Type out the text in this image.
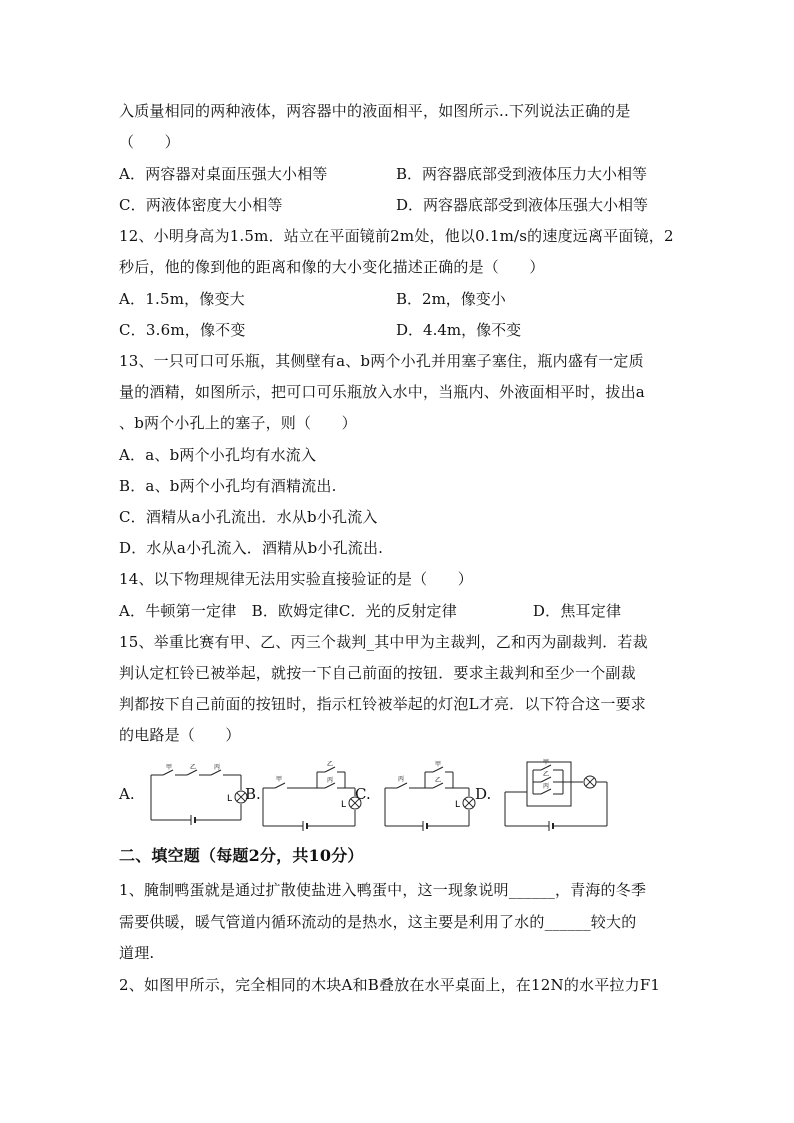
入质量相同的两种液体，两容器中的液面相平，如图所示..下列说法正确的是
（　　）
A．两容器对桌面压强大小相等	B．两容器底部受到液体压力大小相等
C．两液体密度大小相等	D．两容器底部受到液体压强大小相等
12、小明身高为1.5m．站立在平面镜前2m处，他以0.1m/s的速度远离平面镜，2
秒后，他的像到他的距离和像的大小变化描述正确的是（　　）
A．1.5m，像变大	B．2m，像变小
C．3.6m，像不变	D．4.4m，像不变
13、一只可口可乐瓶，其侧壁有a、b两个小孔并用塞子塞住，瓶内盛有一定质
量的酒精，如图所示，把可口可乐瓶放入水中，当瓶内、外液面相平时，拔出a
、b两个小孔上的塞子，则（　　）
A．a、b两个小孔均有水流入
B．a、b两个小孔均有酒精流出.
C．酒精从a小孔流出．水从b小孔流入
D．水从a小孔流入．酒精从b小孔流出.
14、以下物理规律无法用实验直接验证的是（　　）
A．牛顿第一定律　B．欧姆定律C．光的反射定律　　　　　D．焦耳定律
15、举重比赛有甲、乙、丙三个裁判_其中甲为主裁判，乙和丙为副裁判．若裁
判认定杠铃已被举起，就按一下自己前面的按钮．要求主裁判和至少一个副裁
判都按下自己前面的按钮时，指示杠铃被举起的灯泡L才亮．以下符合这一要求
的电路是（　　）
A.	B.	C.	D.
甲	乙	丙
L
甲
乙
丙
L
丙
甲
乙
L
甲
乙
丙
二、填空题（每题2分，共10分）
1、腌制鸭蛋就是通过扩散使盐进入鸭蛋中，这一现象说明______，青海的冬季
需要供暖，暖气管道内循环流动的是热水，这主要是利用了水的______较大的
道理.
2、如图甲所示，完全相同的木块A和B叠放在水平桌面上，在12N的水平拉力F1
